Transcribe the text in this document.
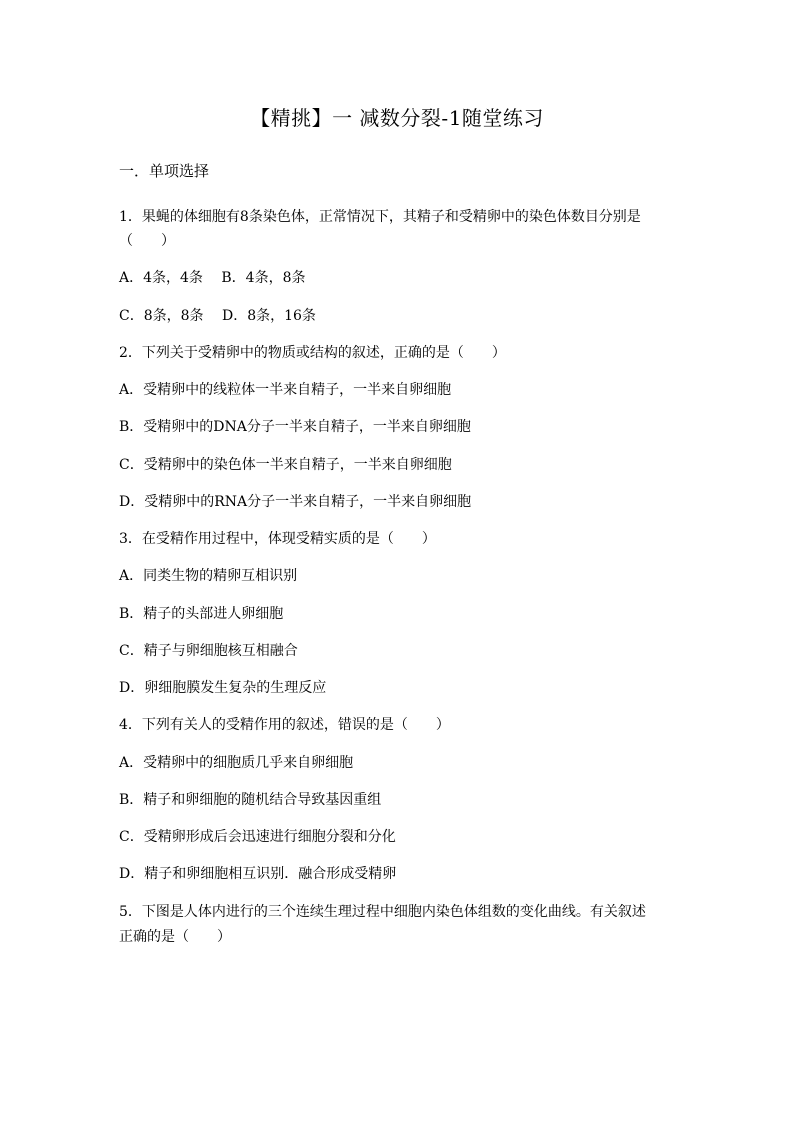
【精挑】一 减数分裂-1随堂练习
一．单项选择
1．果蝇的体细胞有8条染色体，正常情况下，其精子和受精卵中的染色体数目分别是
（　　）
A．4条，4条　 B．4条，8条
C．8条，8条　 D．8条，16条
2．下列关于受精卵中的物质或结构的叙述，正确的是（　　）
A．受精卵中的线粒体一半来自精子，一半来自卵细胞
B．受精卵中的DNA分子一半来自精子，一半来自卵细胞
C．受精卵中的染色体一半来自精子，一半来自卵细胞
D．受精卵中的RNA分子一半来自精子，一半来自卵细胞
3．在受精作用过程中，体现受精实质的是（　　）
A．同类生物的精卵互相识别
B．精子的头部进人卵细胞
C．精子与卵细胞核互相融合
D．卵细胞膜发生复杂的生理反应
4．下列有关人的受精作用的叙述，错误的是（　　）
A．受精卵中的细胞质几乎来自卵细胞
B．精子和卵细胞的随机结合导致基因重组
C．受精卵形成后会迅速进行细胞分裂和分化
D．精子和卵细胞相互识别．融合形成受精卵
5．下图是人体内进行的三个连续生理过程中细胞内染色体组数的变化曲线。有关叙述
正确的是（　　）
